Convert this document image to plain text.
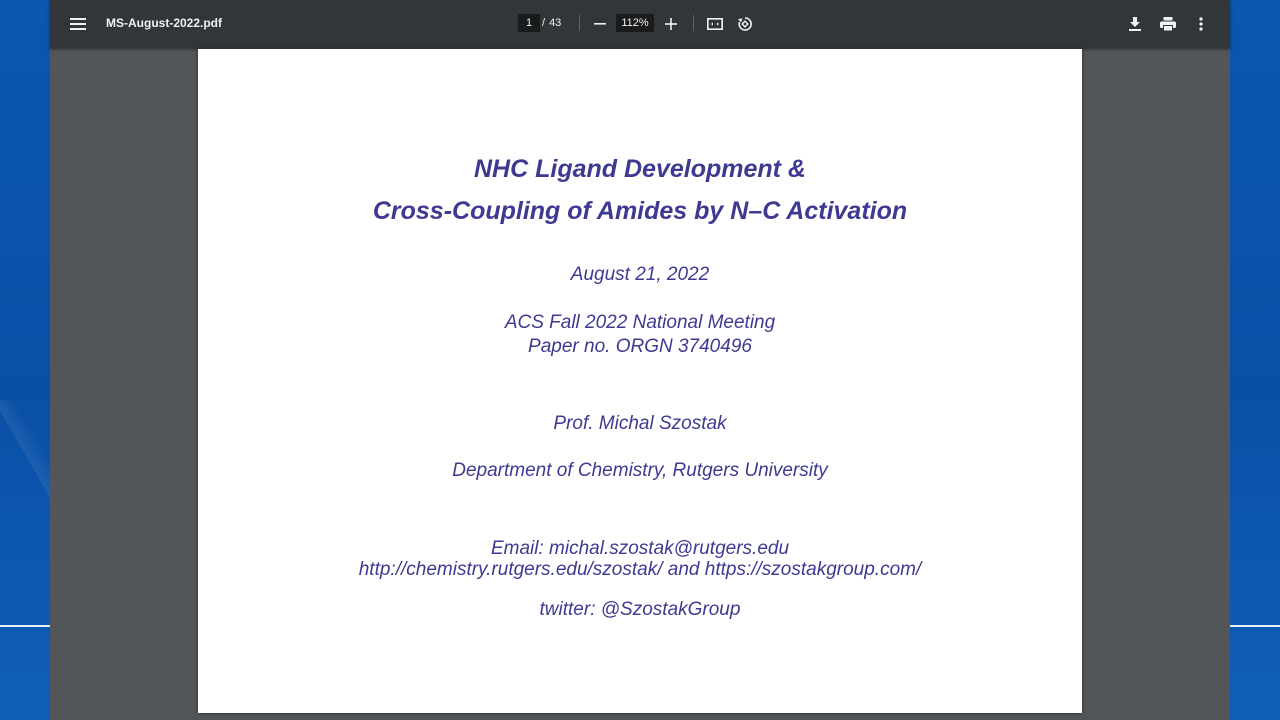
MS-August-2022.pdf	1 / 43	112%
NHC Ligand Development &
Cross-Coupling of Amides by N–C Activation
August 21, 2022
ACS Fall 2022 National Meeting
Paper no. ORGN 3740496
Prof. Michal Szostak
Department of Chemistry, Rutgers University
Email: michal.szostak@rutgers.edu
http://chemistry.rutgers.edu/szostak/ and https://szostakgroup.com/
twitter: @SzostakGroup
